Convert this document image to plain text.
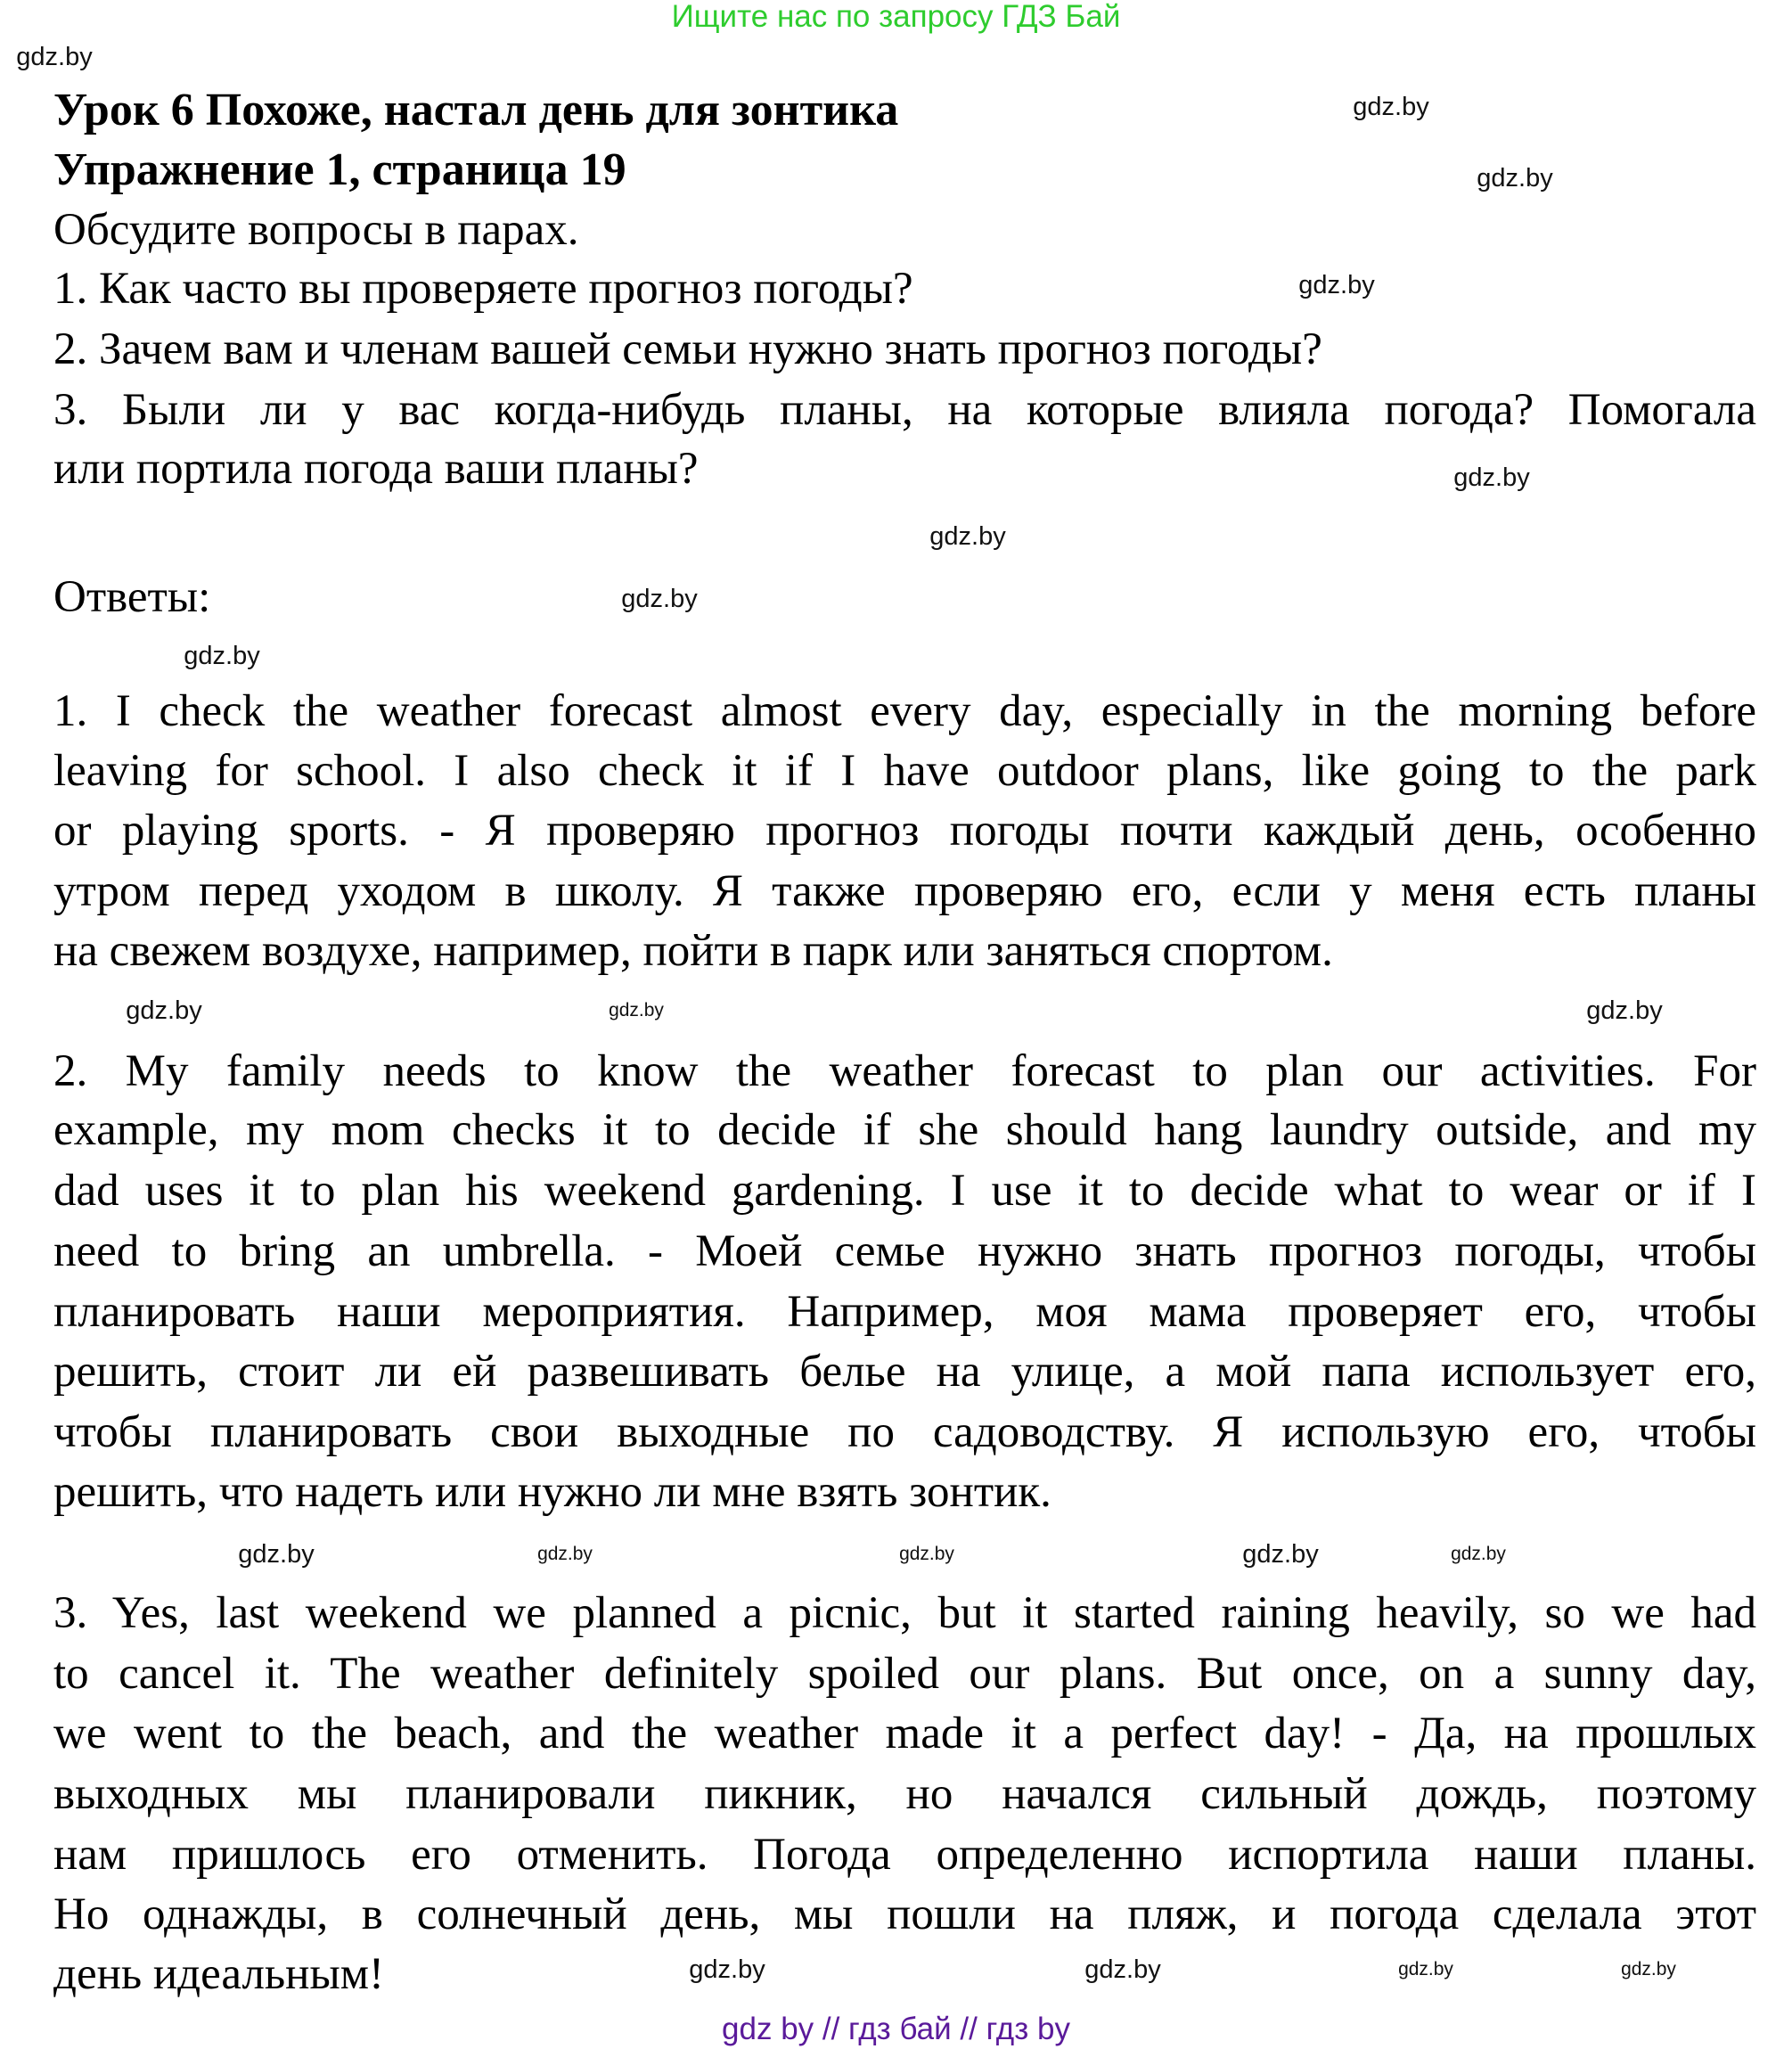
Ищите нас по запросу ГДЗ Бай
Урок 6 Похоже, настал день для зонтика
Упражнение 1, страница 19
Обсудите вопросы в парах.
1. Как часто вы проверяете прогноз погоды?
2. Зачем вам и членам вашей семьи нужно знать прогноз погоды?
3. Были ли у вас когда-нибудь планы, на которые влияла погода? Помогала
или портила погода ваши планы?
Ответы:
1. I check the weather forecast almost every day, especially in the morning before
leaving for school. I also check it if I have outdoor plans, like going to the park
or playing sports. - Я проверяю прогноз погоды почти каждый день, особенно
утром перед уходом в школу. Я также проверяю его, если у меня есть планы
на свежем воздухе, например, пойти в парк или заняться спортом.
2. My family needs to know the weather forecast to plan our activities. For
example, my mom checks it to decide if she should hang laundry outside, and my
dad uses it to plan his weekend gardening. I use it to decide what to wear or if I
need to bring an umbrella. - Моей семье нужно знать прогноз погоды, чтобы
планировать наши мероприятия. Например, моя мама проверяет его, чтобы
решить, стоит ли ей развешивать белье на улице, а мой папа использует его,
чтобы планировать свои выходные по садоводству. Я использую его, чтобы
решить, что надеть или нужно ли мне взять зонтик.
3. Yes, last weekend we planned a picnic, but it started raining heavily, so we had
to cancel it. The weather definitely spoiled our plans. But once, on a sunny day,
we went to the beach, and the weather made it a perfect day! - Да, на прошлых
выходных мы планировали пикник, но начался сильный дождь, поэтому
нам пришлось его отменить. Погода определенно испортила наши планы.
Но однажды, в солнечный день, мы пошли на пляж, и погода сделала этот
день идеальным!
gdz.by
gdz.by
gdz.by
gdz.by
gdz.by
gdz.by
gdz.by
gdz.by
gdz.by
gdz.by	gdz.by
gdz.by
gdz.by	gdz.by
gdz.by
gdz.by
gdz.by	gdz.by
gdz.by
gdz.by
gdz by // гдз бай // гдз by
